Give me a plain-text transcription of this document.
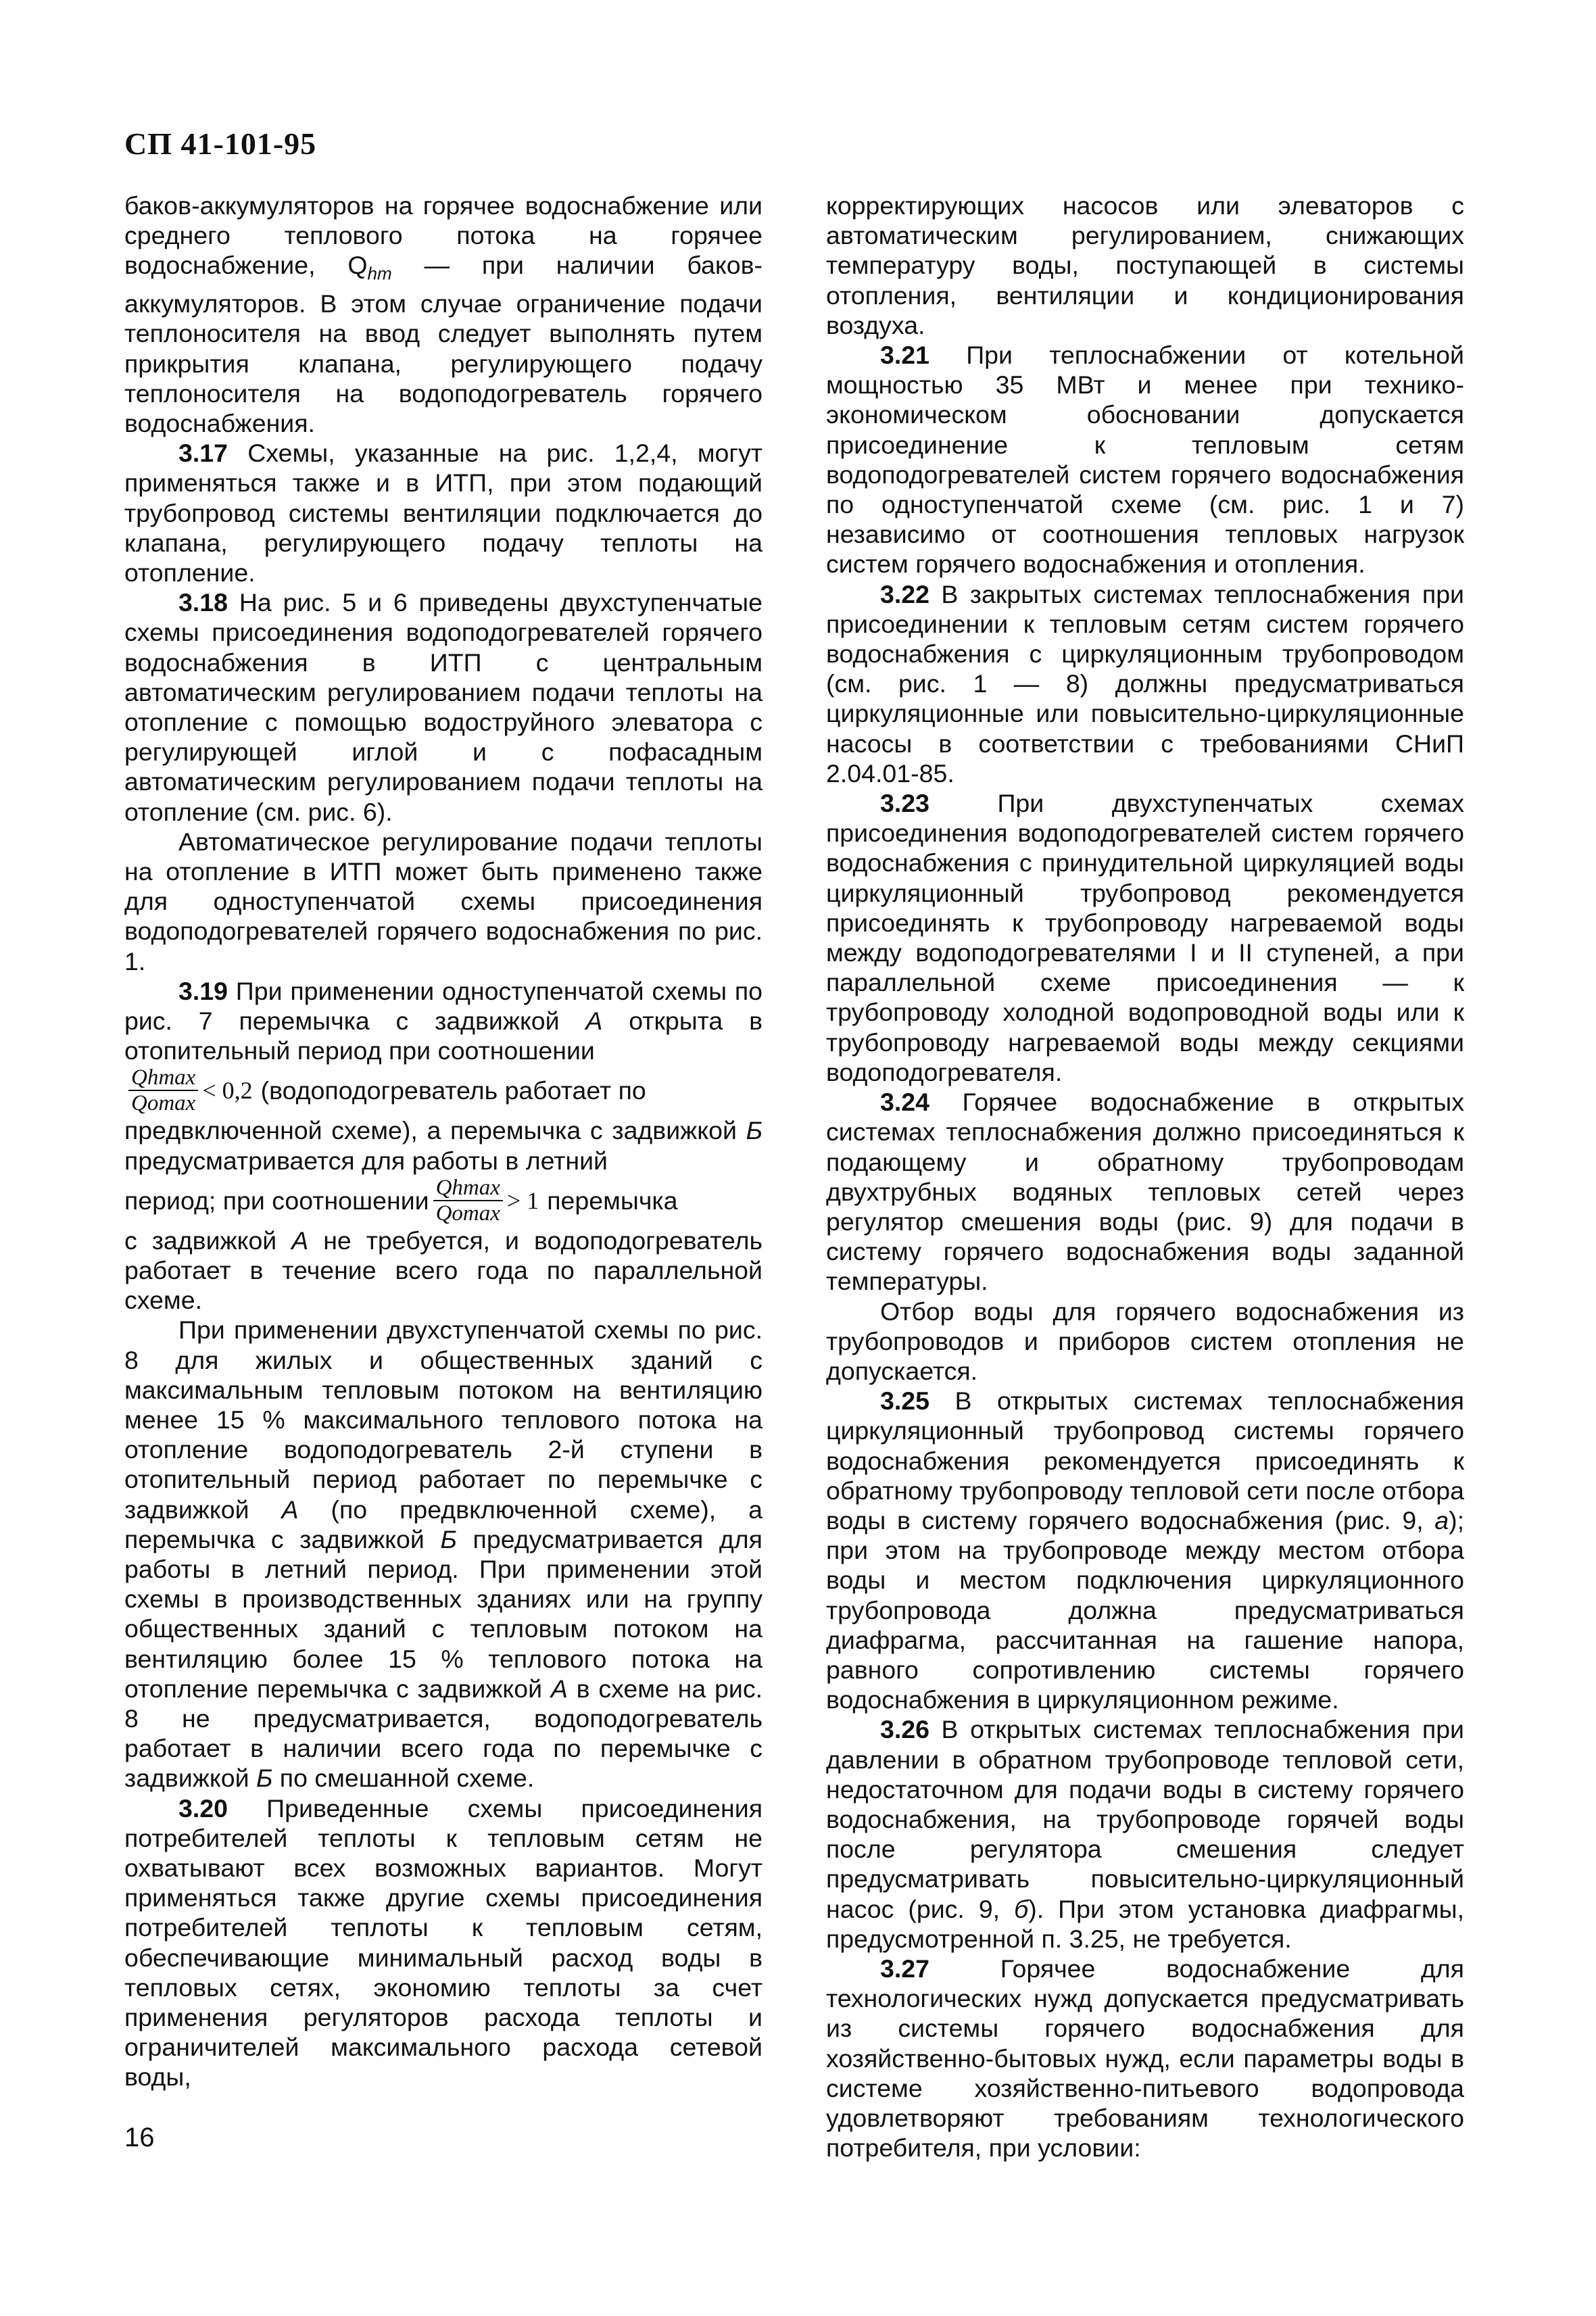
СП 41-101-95

баков-аккумуляторов на горячее водоснабжение или среднего теплового потока на горячее водоснабжение, $Q_{hm}$ — при наличии баков-аккумуляторов. В этом случае ограничение подачи теплоносителя на ввод следует выполнять путем прикрытия клапана, регулирующего подачу теплоносителя на водоподогреватель горячего водоснабжения.

3.17 Схемы, указанные на рис. 1,2,4, могут применяться также и в ИТП, при этом подающий трубопровод системы вентиляции подключается до клапана, регулирующего подачу теплоты на отопление.

3.18 На рис. 5 и 6 приведены двухступенчатые схемы присоединения водоподогревателей горячего водоснабжения в ИТП с центральным автоматическим регулированием подачи теплоты на отопление с помощью водоструйного элеватора с регулирующей иглой и с пофасадным автоматическим регулированием подачи теплоты на отопление (см. рис. 6).

Автоматическое регулирование подачи теплоты на отопление в ИТП может быть применено также для одноступенчатой схемы присоединения водоподогревателей горячего водоснабжения по рис. 1.

3.19 При применении одноступенчатой схемы по рис. 7 перемычка с задвижкой А открыта в отопительный период при соотношении

$\frac{Qhmax}{Qomax} < 0,2$ (водоподогреватель работает по

предвключенной схеме), а перемычка с задвижкой Б предусматривается для работы в летний

период; при соотношении $\frac{Qhmax}{Qomax} > 1$ перемычка

с задвижкой А не требуется, и водоподогреватель работает в течение всего года по параллельной схеме.

При применении двухступенчатой схемы по рис. 8 для жилых и общественных зданий с максимальным тепловым потоком на вентиляцию менее 15 % максимального теплового потока на отопление водоподогреватель 2-й ступени в отопительный период работает по перемычке с задвижкой А (по предвключенной схеме), а перемычка с задвижкой Б предусматривается для работы в летний период. При применении этой схемы в производственных зданиях или на группу общественных зданий с тепловым потоком на вентиляцию более 15 % теплового потока на отопление перемычка с задвижкой А в схеме на рис. 8 не предусматривается, водоподогреватель работает в наличии всего года по перемычке с задвижкой Б по смешанной схеме.

3.20 Приведенные схемы присоединения потребителей теплоты к тепловым сетям не охватывают всех возможных вариантов. Могут применяться также другие схемы присоединения потребителей теплоты к тепловым сетям, обеспечивающие минимальный расход воды в тепловых сетях, экономию теплоты за счет применения регуляторов расхода теплоты и ограничителей максимального расхода сетевой воды,

корректирующих насосов или элеваторов с автоматическим регулированием, снижающих температуру воды, поступающей в системы отопления, вентиляции и кондиционирования воздуха.

3.21 При теплоснабжении от котельной мощностью 35 МВт и менее при технико-экономическом обосновании допускается присоединение к тепловым сетям водоподогревателей систем горячего водоснабжения по одноступенчатой схеме (см. рис. 1 и 7) независимо от соотношения тепловых нагрузок систем горячего водоснабжения и отопления.

3.22 В закрытых системах теплоснабжения при присоединении к тепловым сетям систем горячего водоснабжения с циркуляционным трубопроводом (см. рис. 1 — 8) должны предусматриваться циркуляционные или повысительно-циркуляционные насосы в соответствии с требованиями СНиП 2.04.01-85.

3.23 При двухступенчатых схемах присоединения водоподогревателей систем горячего водоснабжения с принудительной циркуляцией воды циркуляционный трубопровод рекомендуется присоединять к трубопроводу нагреваемой воды между водоподогревателями I и II ступеней, а при параллельной схеме присоединения — к трубопроводу холодной водопроводной воды или к трубопроводу нагреваемой воды между секциями водоподогревателя.

3.24 Горячее водоснабжение в открытых системах теплоснабжения должно присоединяться к подающему и обратному трубопроводам двухтрубных водяных тепловых сетей через регулятор смешения воды (рис. 9) для подачи в систему горячего водоснабжения воды заданной температуры.

Отбор воды для горячего водоснабжения из трубопроводов и приборов систем отопления не допускается.

3.25 В открытых системах теплоснабжения циркуляционный трубопровод системы горячего водоснабжения рекомендуется присоединять к обратному трубопроводу тепловой сети после отбора воды в систему горячего водоснабжения (рис. 9, а); при этом на трубопроводе между местом отбора воды и местом подключения циркуляционного трубопровода должна предусматриваться диафрагма, рассчитанная на гашение напора, равного сопротивлению системы горячего водоснабжения в циркуляционном режиме.

3.26 В открытых системах теплоснабжения при давлении в обратном трубопроводе тепловой сети, недостаточном для подачи воды в систему горячего водоснабжения, на трубопроводе горячей воды после регулятора смешения следует предусматривать повысительно-циркуляционный насос (рис. 9, б). При этом установка диафрагмы, предусмотренной п. 3.25, не требуется.

3.27 Горячее водоснабжение для технологических нужд допускается предусматривать из системы горячего водоснабжения для хозяйственно-бытовых нужд, если параметры воды в системе хозяйственно-питьевого водопровода удовлетворяют требованиям технологического потребителя, при условии:

16
